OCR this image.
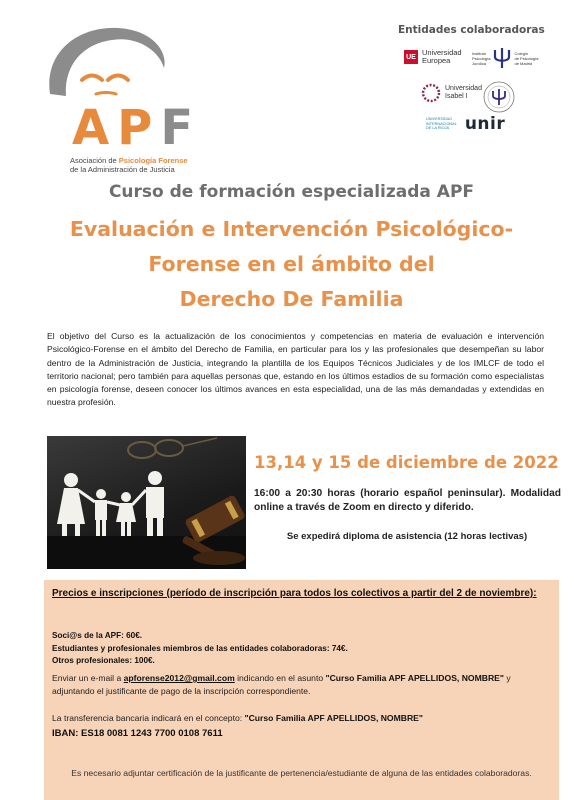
APF
Asociación de Psicología Forense
de la Administración de Justicia
Entidades colaboradoras
UE Universidad
Europea
Instituto
Psicología
Jurídica
Colegio
de Psicología
de Madrid
Universidad
Isabel I
UNIVERSIDAD
INTERNACIONAL
DE LA RIOJA unir
Curso de formación especializada APF
Evaluación e Intervención Psicológico-
Forense en el ámbito del
Derecho De Familia

El objetivo del Curso es la actualización de los conocimientos y competencias en materia de evaluación e intervención Psicológico-Forense en el ámbito del Derecho de Familia, en particular para los y las profesionales que desempeñan su labor dentro de la Administración de Justicia, integrando la plantilla de los Equipos Técnicos Judiciales y de los IMLCF de todo el territorio nacional; pero también para aquellas personas que, estando en los últimos estadios de su formación como especialistas en psicología forense, deseen conocer los últimos avances en esta especialidad, una de las más demandadas y extendidas en nuestra profesión.

13,14 y 15 de diciembre de 2022

16:00 a 20:30 horas (horario español peninsular). Modalidad online a través de Zoom en directo y diferido.

Se expedirá diploma de asistencia (12 horas lectivas)
Precios e inscripciones (período de inscripción para todos los colectivos a partir del 2 de noviembre):
Soci@s de la APF: 60€.
Estudiantes y profesionales miembros de las entidades colaboradoras: 74€.
Otros profesionales: 100€.

Enviar un e-mail a apforense2012@gmail.com indicando en el asunto "Curso Familia APF APELLIDOS, NOMBRE" y adjuntando el justificante de pago de la inscripción correspondiente.

La transferencia bancaria indicará en el concepto: "Curso Familia APF APELLIDOS, NOMBRE"
IBAN: ES18 0081 1243 7700 0108 7611

Es necesario adjuntar certificación de la justificante de pertenencia/estudiante de alguna de las entidades colaboradoras.
